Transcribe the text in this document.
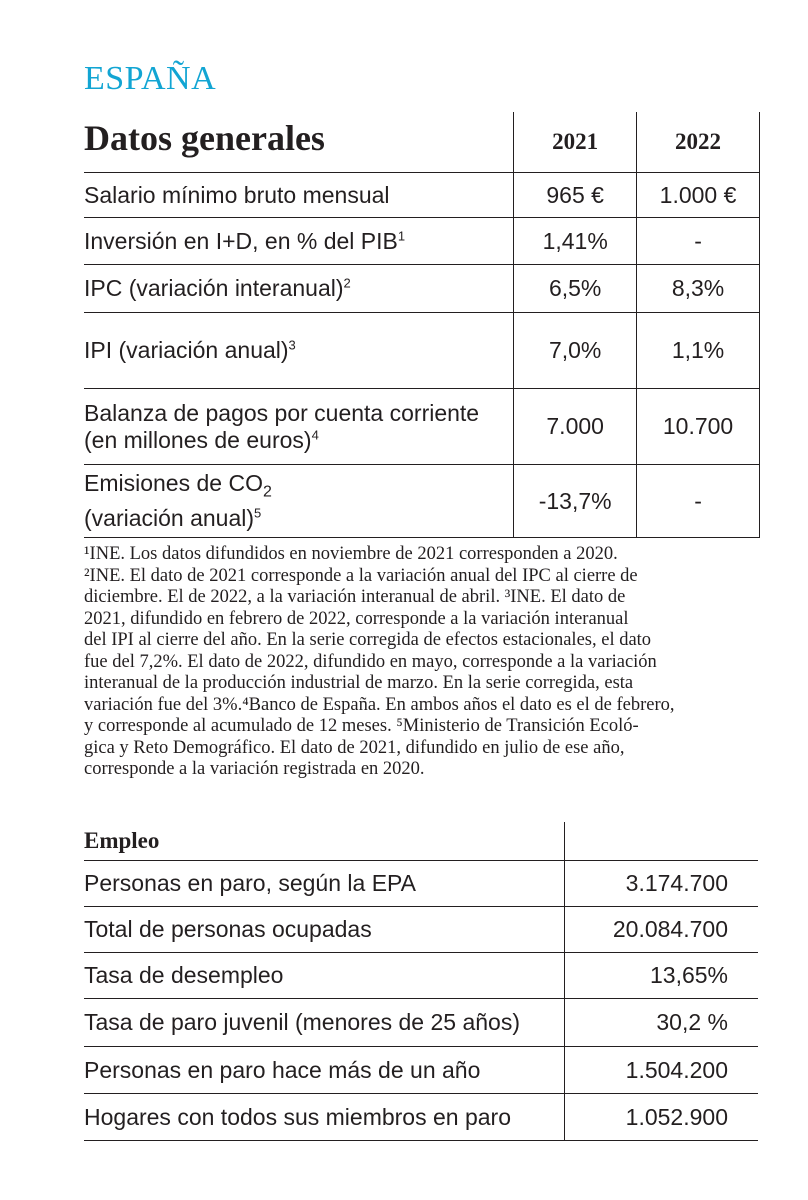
ESPAÑA
Datos generales	2021	2022
Salario mínimo bruto mensual	965 €	1.000 €
Inversión en I+D, en % del PIB$^1$	1,41%	-
IPC (variación interanual)$^2$	6,5%	8,3%
IPI (variación anual)$^3$	7,0%	1,1%
Balanza de pagos por cuenta corriente
(en millones de euros)$^4$	7.000	10.700
Emisiones de $CO_2$
(variación anual)$^5$	-13,7%	-

¹INE. Los datos difundidos en noviembre de 2021 corresponden a 2020.
²INE. El dato de 2021 corresponde a la variación anual del IPC al cierre de
diciembre. El de 2022, a la variación interanual de abril. ³INE. El dato de
2021, difundido en febrero de 2022, corresponde a la variación interanual
del IPI al cierre del año. En la serie corregida de efectos estacionales, el dato
fue del 7,2%. El dato de 2022, difundido en mayo, corresponde a la variación
interanual de la producción industrial de marzo. En la serie corregida, esta
variación fue del 3%.⁴Banco de España. En ambos años el dato es el de febrero,
y corresponde al acumulado de 12 meses. ⁵Ministerio de Transición Ecoló-
gica y Reto Demográfico. El dato de 2021, difundido en julio de ese año,
corresponde a la variación registrada en 2020.

Empleo	
Personas en paro, según la EPA	3.174.700
Total de personas ocupadas	20.084.700
Tasa de desempleo	13,65%
Tasa de paro juvenil (menores de 25 años)	30,2 %
Personas en paro hace más de un año	1.504.200
Hogares con todos sus miembros en paro	1.052.900
